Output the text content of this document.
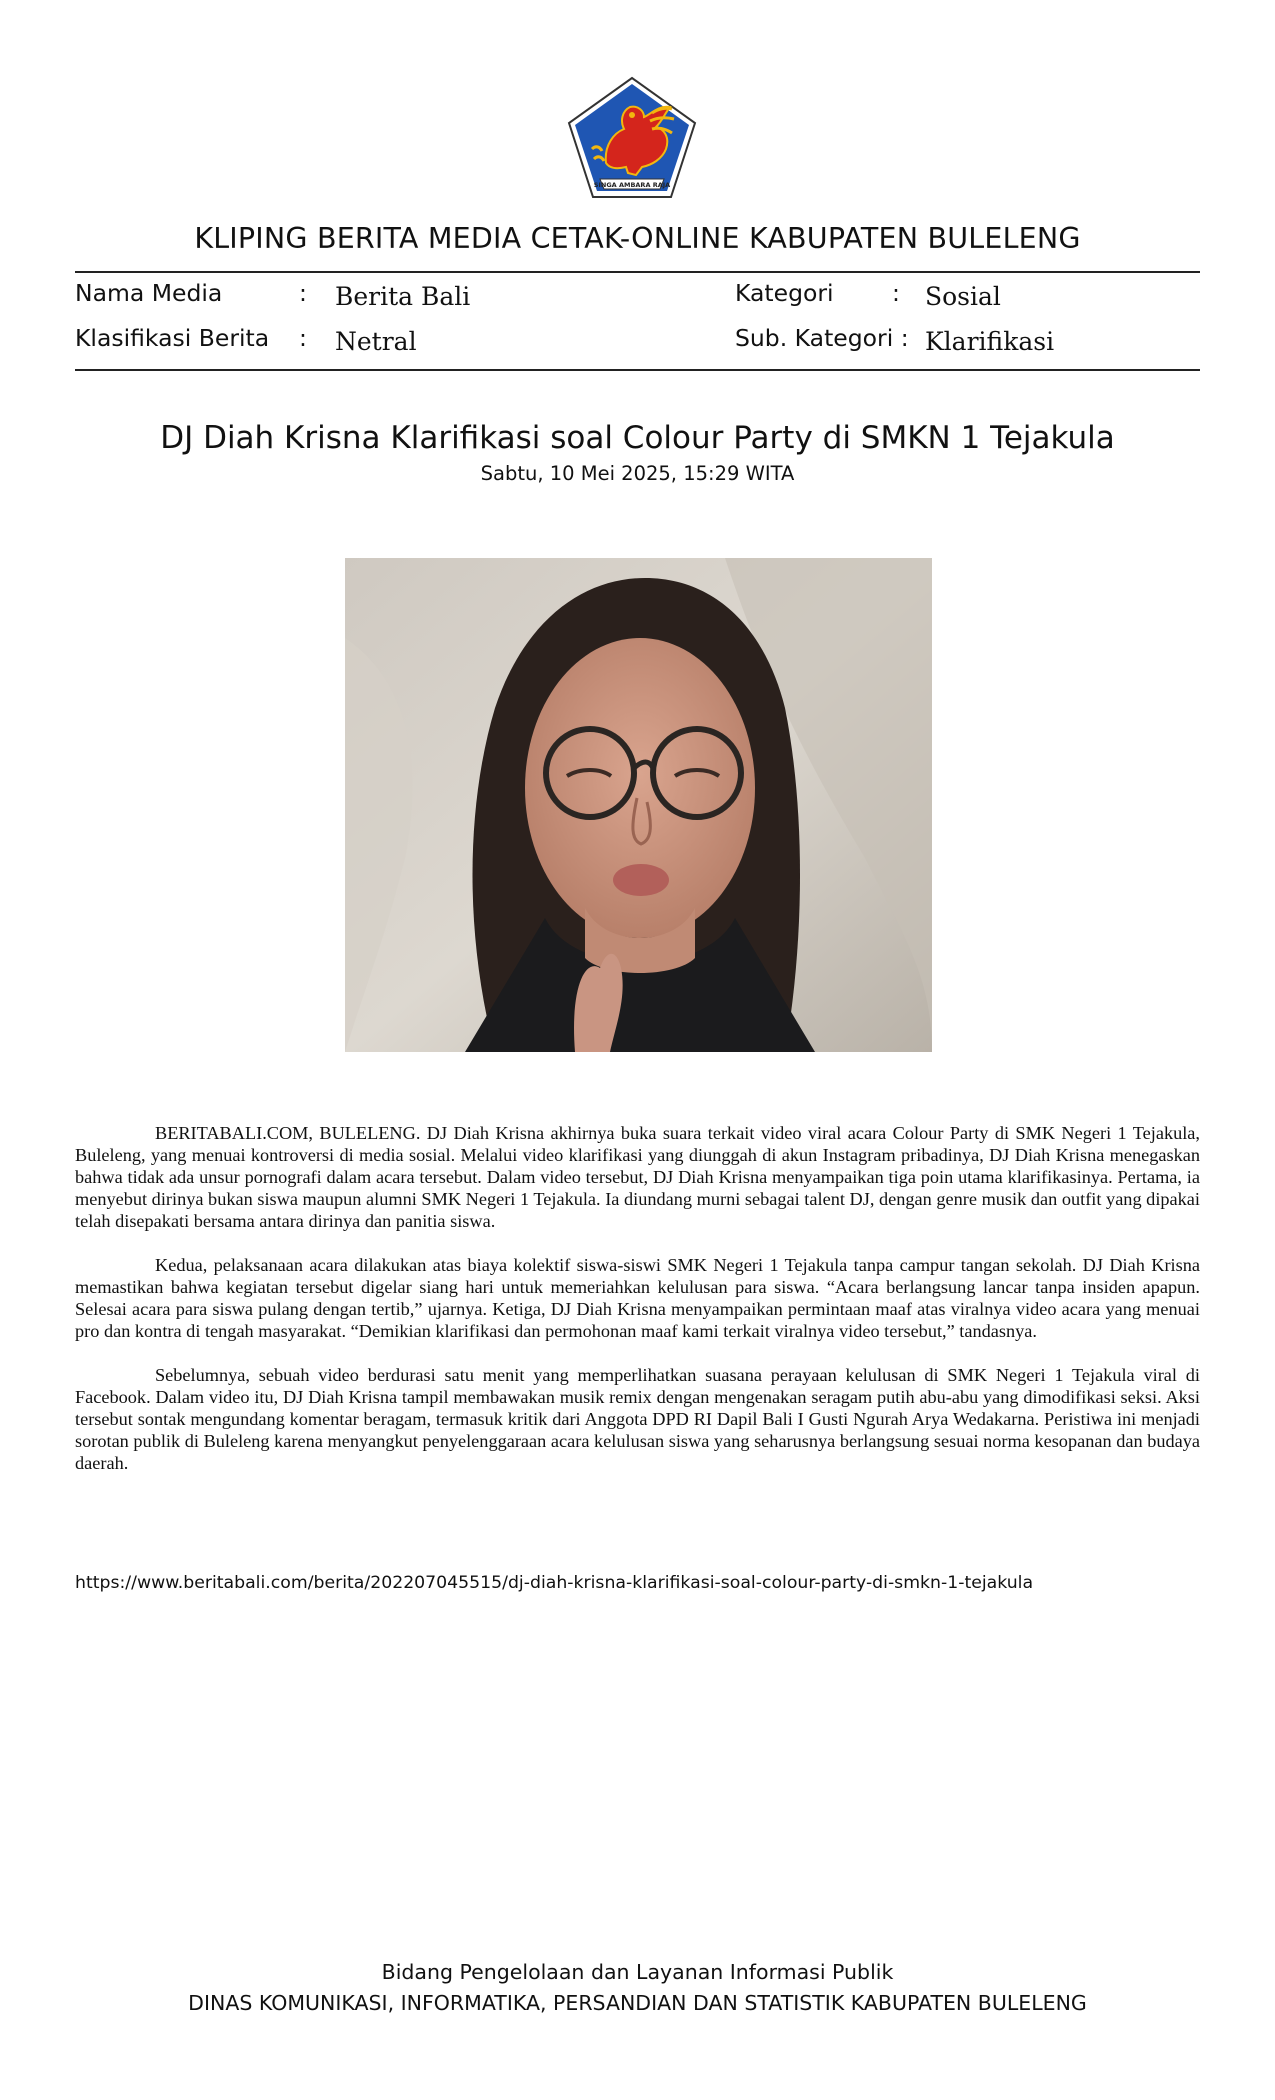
SINGA AMBARA RAJA
KLIPING BERITA MEDIA CETAK-ONLINE KABUPATEN BULELENG
Nama Media	: Berita Bali	Kategori : Sosial
Klasifikasi Berita : Netral	Sub. Kategori : Klarifikasi
DJ Diah Krisna Klarifikasi soal Colour Party di SMKN 1 Tejakula
Sabtu, 10 Mei 2025, 15:29 WITA

BERITABALI.COM, BULELENG. DJ Diah Krisna akhirnya buka suara terkait video viral acara Colour Party di SMK Negeri 1 Tejakula, Buleleng, yang menuai kontroversi di media sosial. Melalui video klarifikasi yang diunggah di akun Instagram pribadinya, DJ Diah Krisna menegaskan bahwa tidak ada unsur pornografi dalam acara tersebut. Dalam video tersebut, DJ Diah Krisna menyampaikan tiga poin utama klarifikasinya. Pertama, ia menyebut dirinya bukan siswa maupun alumni SMK Negeri 1 Tejakula. Ia diundang murni sebagai talent DJ, dengan genre musik dan outfit yang dipakai telah disepakati bersama antara dirinya dan panitia siswa.

Kedua, pelaksanaan acara dilakukan atas biaya kolektif siswa-siswi SMK Negeri 1 Tejakula tanpa campur tangan sekolah. DJ Diah Krisna memastikan bahwa kegiatan tersebut digelar siang hari untuk memeriahkan kelulusan para siswa. “Acara berlangsung lancar tanpa insiden apapun. Selesai acara para siswa pulang dengan tertib,” ujarnya. Ketiga, DJ Diah Krisna menyampaikan permintaan maaf atas viralnya video acara yang menuai pro dan kontra di tengah masyarakat. “Demikian klarifikasi dan permohonan maaf kami terkait viralnya video tersebut,” tandasnya.

Sebelumnya, sebuah video berdurasi satu menit yang memperlihatkan suasana perayaan kelulusan di SMK Negeri 1 Tejakula viral di Facebook. Dalam video itu, DJ Diah Krisna tampil membawakan musik remix dengan mengenakan seragam putih abu-abu yang dimodifikasi seksi. Aksi tersebut sontak mengundang komentar beragam, termasuk kritik dari Anggota DPD RI Dapil Bali I Gusti Ngurah Arya Wedakarna. Peristiwa ini menjadi sorotan publik di Buleleng karena menyangkut penyelenggaraan acara kelulusan siswa yang seharusnya berlangsung sesuai norma kesopanan dan budaya daerah.

https://www.beritabali.com/berita/202207045515/dj-diah-krisna-klarifikasi-soal-colour-party-di-smkn-1-tejakula
Bidang Pengelolaan dan Layanan Informasi Publik
DINAS KOMUNIKASI, INFORMATIKA, PERSANDIAN DAN STATISTIK KABUPATEN BULELENG
